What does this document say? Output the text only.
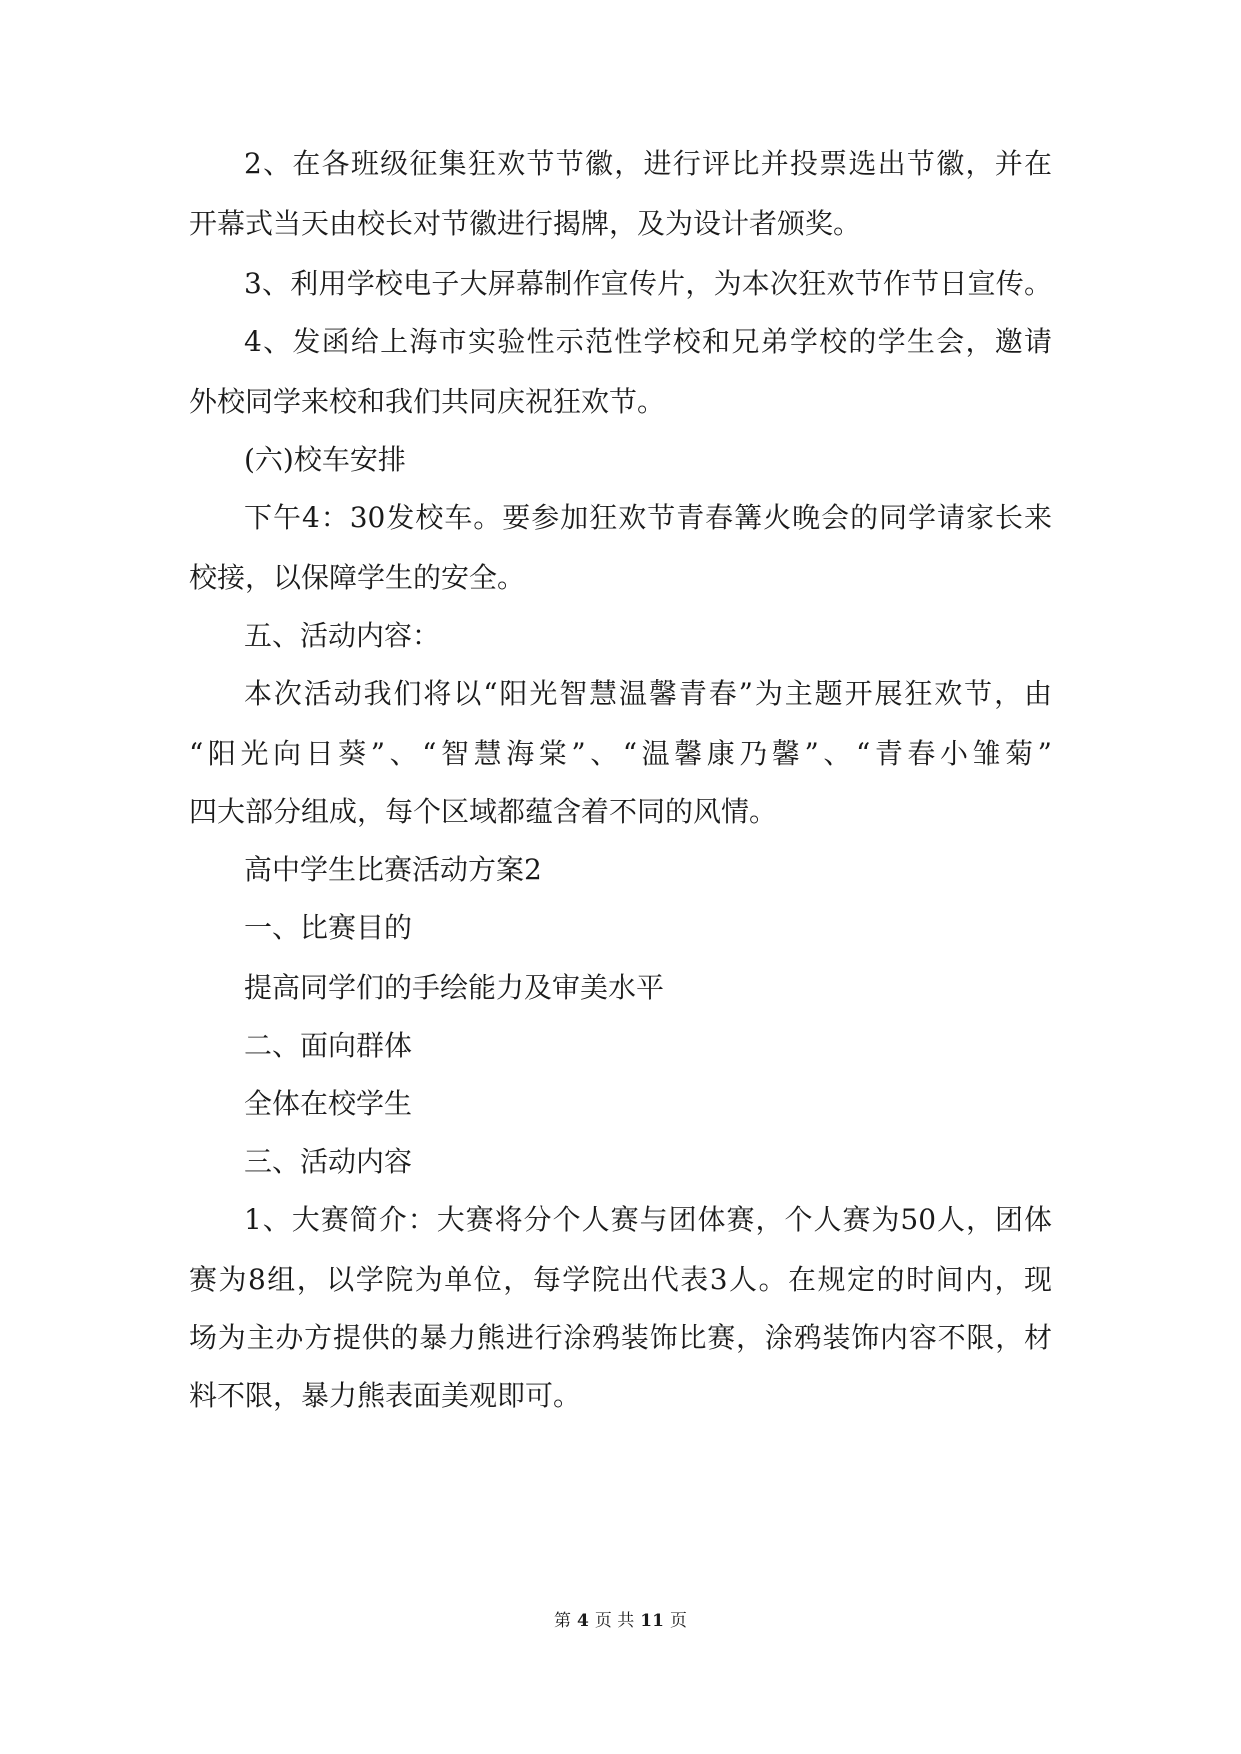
2、在各班级征集狂欢节节徽，进行评比并投票选出节徽，并在
开幕式当天由校长对节徽进行揭牌，及为设计者颁奖。
3、利用学校电子大屏幕制作宣传片，为本次狂欢节作节日宣传。
4、发函给上海市实验性示范性学校和兄弟学校的学生会，邀请
外校同学来校和我们共同庆祝狂欢节。
(六)校车安排
下午4：30发校车。要参加狂欢节青春篝火晚会的同学请家长来
校接，以保障学生的安全。
五、活动内容：
本次活动我们将以“阳光智慧温馨青春”为主题开展狂欢节，由
“阳光向日葵”、“智慧海棠”、“温馨康乃馨”、“青春小雏菊”
四大部分组成，每个区域都蕴含着不同的风情。
高中学生比赛活动方案2
一、比赛目的
提高同学们的手绘能力及审美水平
二、面向群体
全体在校学生
三、活动内容
1、大赛简介：大赛将分个人赛与团体赛，个人赛为50人，团体
赛为8组，以学院为单位，每学院出代表3人。在规定的时间内，现
场为主办方提供的暴力熊进行涂鸦装饰比赛，涂鸦装饰内容不限，材
料不限，暴力熊表面美观即可。
第 4 页 共 11 页
